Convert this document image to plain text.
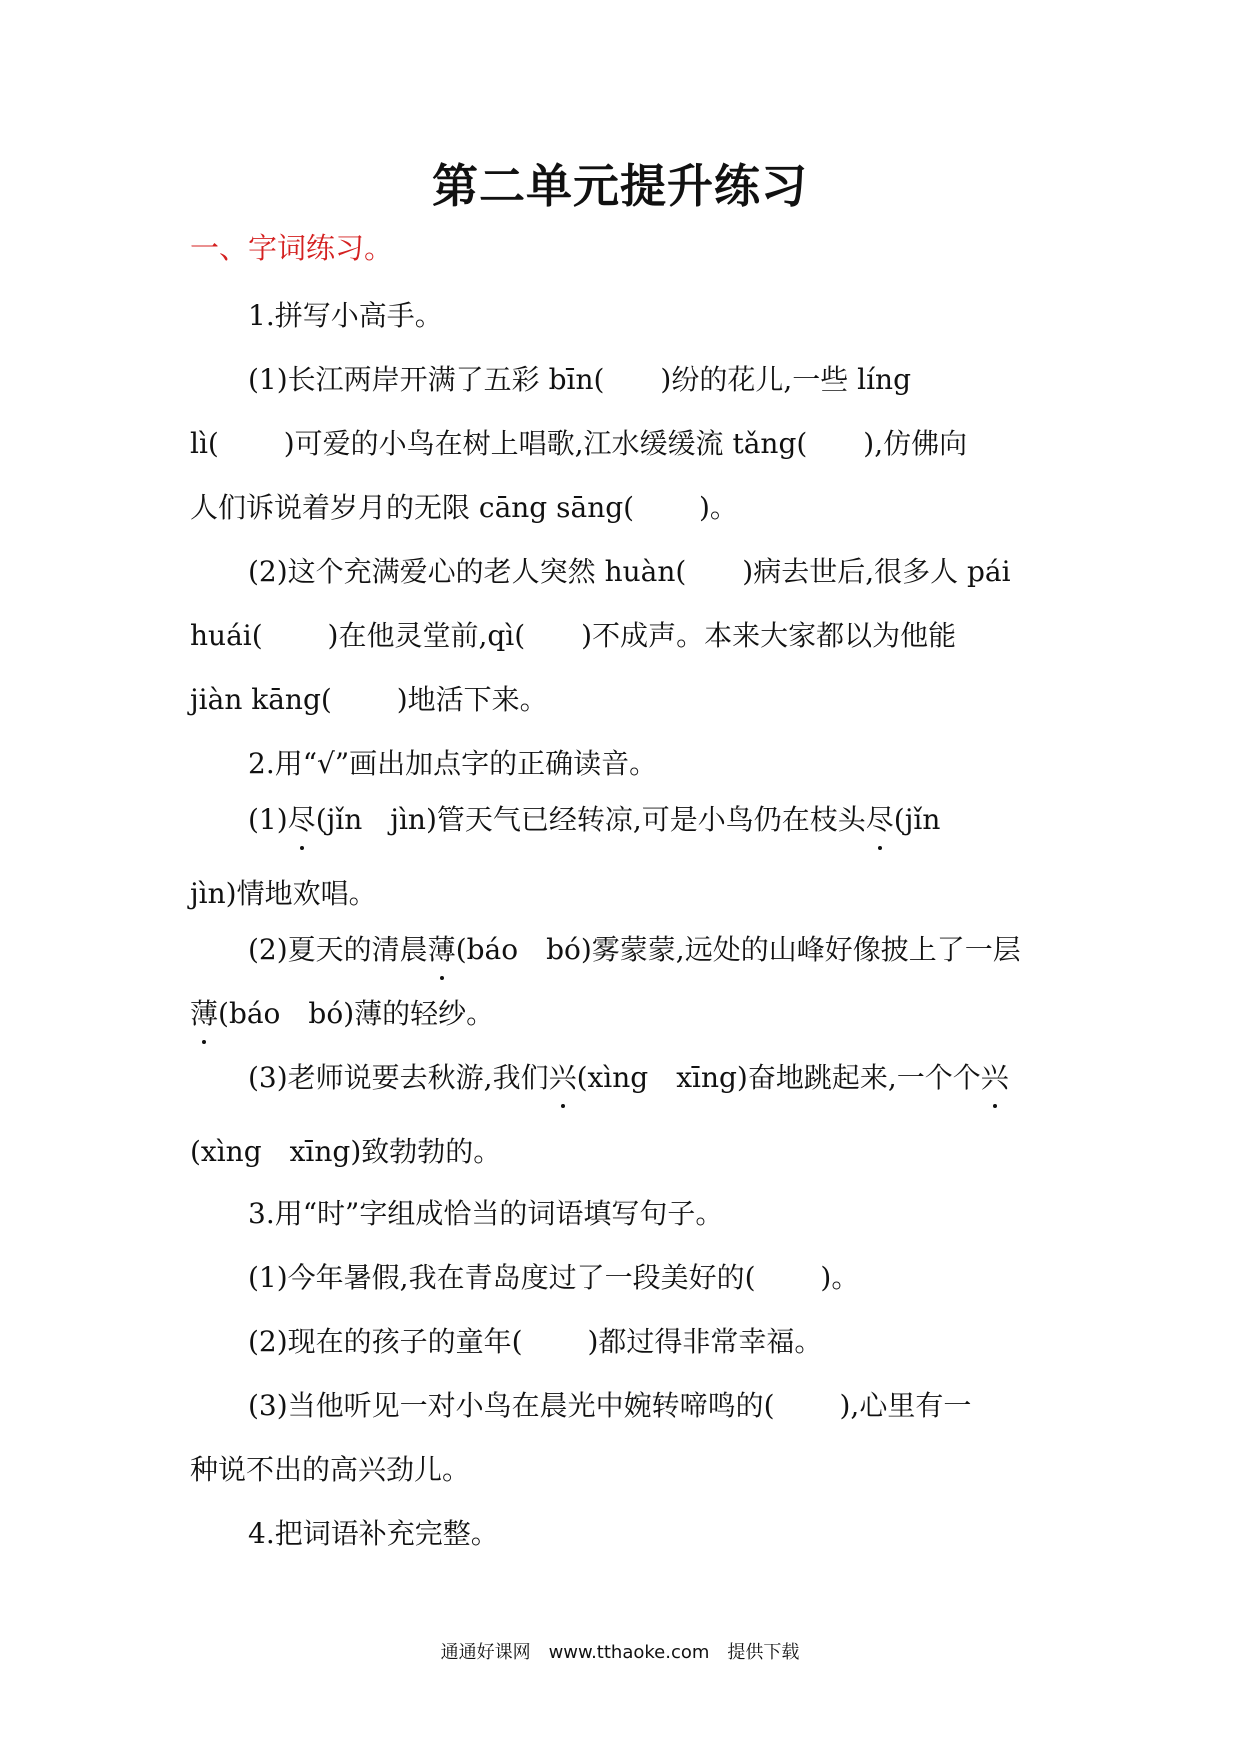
第二单元提升练习
一、字词练习。
1.拼写小高手。
(1)长江两岸开满了五彩 bīn(　　)纷的花儿,一些 líng
lì(　　 )可爱的小鸟在树上唱歌,江水缓缓流 tǎng(　　),仿佛向
人们诉说着岁月的无限 cāng sāng(　　 )。
(2)这个充满爱心的老人突然 huàn(　　)病去世后,很多人 pái
huái(　　 )在他灵堂前,qì(　　)不成声。本来大家都以为他能
jiàn kāng(　　 )地活下来。
2.用“√”画出加点字的正确读音。
(1)尽(jǐn　jìn)管天气已经转凉,可是小鸟仍在枝头尽(jǐn
jìn)情地欢唱。
(2)夏天的清晨薄(báo　bó)雾蒙蒙,远处的山峰好像披上了一层
薄(báo　bó)薄的轻纱。
(3)老师说要去秋游,我们兴(xìng　xīng)奋地跳起来,一个个兴
(xìng　xīng)致勃勃的。
3.用“时”字组成恰当的词语填写句子。
(1)今年暑假,我在青岛度过了一段美好的(　　 )。
(2)现在的孩子的童年(　　 )都过得非常幸福。
(3)当他听见一对小鸟在晨光中婉转啼鸣的(　　 ),心里有一
种说不出的高兴劲儿。
4.把词语补充完整。
通通好课网　www.tthaoke.com　提供下载
